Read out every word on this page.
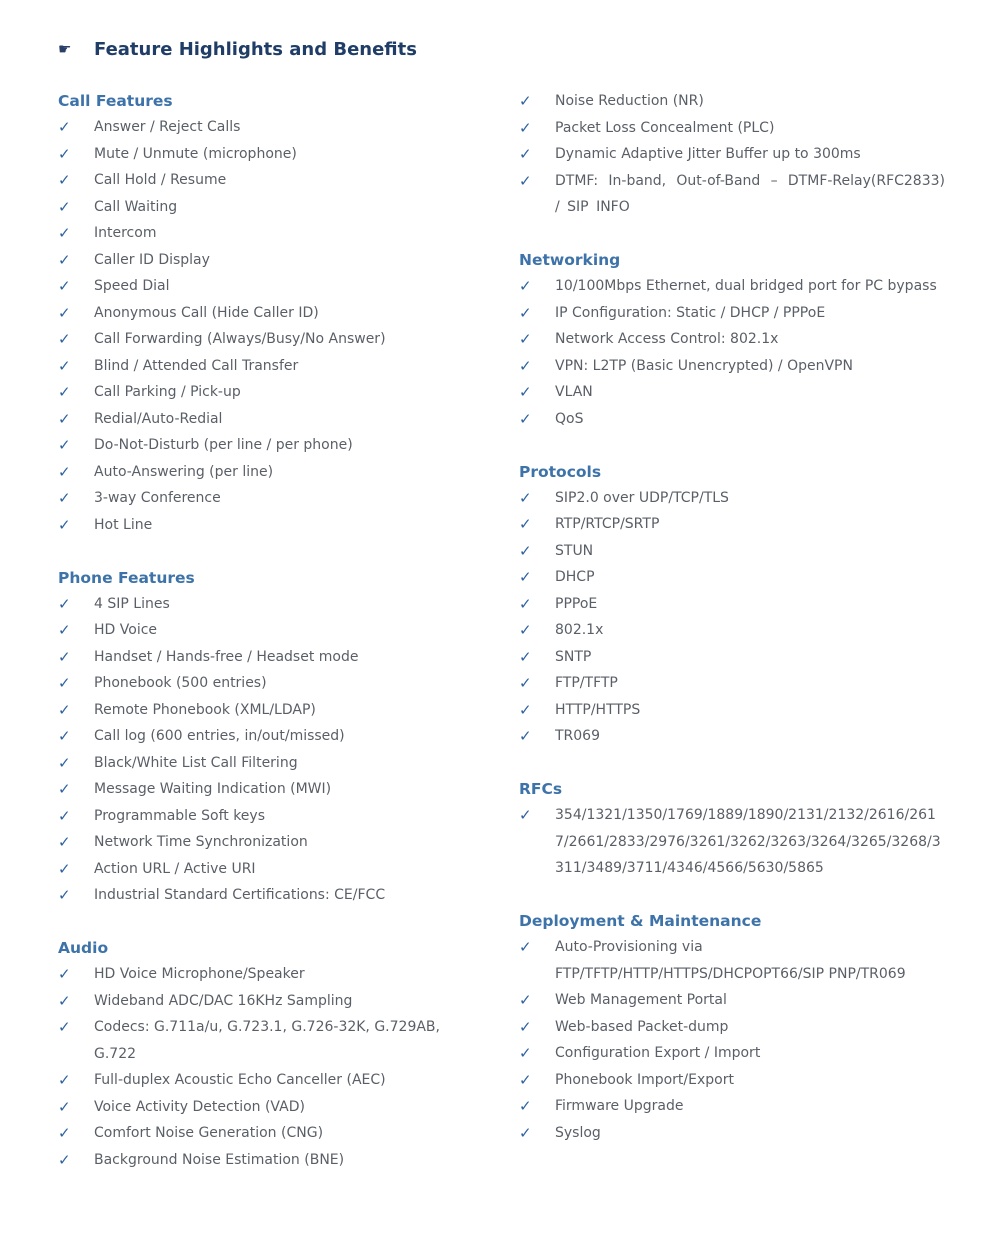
☛	Feature Highlights and Benefits
Call Features
✓	Answer / Reject Calls
✓	Mute / Unmute (microphone)
✓	Call Hold / Resume
✓	Call Waiting
✓	Intercom
✓	Caller ID Display
✓	Speed Dial
✓	Anonymous Call (Hide Caller ID)
✓	Call Forwarding (Always/Busy/No Answer)
✓	Blind / Attended Call Transfer
✓	Call Parking / Pick-up
✓	Redial/Auto-Redial
✓	Do-Not-Disturb (per line / per phone)
✓	Auto-Answering (per line)
✓	3-way Conference
✓	Hot Line
Phone Features
✓	4 SIP Lines
✓	HD Voice
✓	Handset / Hands-free / Headset mode
✓	Phonebook (500 entries)
✓	Remote Phonebook (XML/LDAP)
✓	Call log (600 entries, in/out/missed)
✓	Black/White List Call Filtering
✓	Message Waiting Indication (MWI)
✓	Programmable Soft keys
✓	Network Time Synchronization
✓	Action URL / Active URI
✓	Industrial Standard Certifications: CE/FCC
Audio
✓	HD Voice Microphone/Speaker
✓	Wideband ADC/DAC 16KHz Sampling
✓	Codecs: G.711a/u, G.723.1, G.726-32K, G.729AB, G.722
✓	Full-duplex Acoustic Echo Canceller (AEC)
✓	Voice Activity Detection (VAD)
✓	Comfort Noise Generation (CNG)
✓	Background Noise Estimation (BNE)
✓	Noise Reduction (NR)
✓	Packet Loss Concealment (PLC)
✓	Dynamic Adaptive Jitter Buffer up to 300ms
✓	DTMF: In-band, Out-of-Band – DTMF-Relay(RFC2833) / SIP INFO
Networking
✓	10/100Mbps Ethernet, dual bridged port for PC bypass
✓	IP Configuration: Static / DHCP / PPPoE
✓	Network Access Control: 802.1x
✓	VPN: L2TP (Basic Unencrypted) / OpenVPN
✓	VLAN
✓	QoS
Protocols
✓	SIP2.0 over UDP/TCP/TLS
✓	RTP/RTCP/SRTP
✓	STUN
✓	DHCP
✓	PPPoE
✓	802.1x
✓	SNTP
✓	FTP/TFTP
✓	HTTP/HTTPS
✓	TR069
RFCs
✓	354/1321/1350/1769/1889/1890/2131/2132/2616/2617/2661/2833/2976/3261/3262/3263/3264/3265/3268/3311/3489/3711/4346/4566/5630/5865
Deployment & Maintenance
✓	Auto-Provisioning via FTP/TFTP/HTTP/HTTPS/DHCPOPT66/SIP PNP/TR069
✓	Web Management Portal
✓	Web-based Packet-dump
✓	Configuration Export / Import
✓	Phonebook Import/Export
✓	Firmware Upgrade
✓	Syslog
